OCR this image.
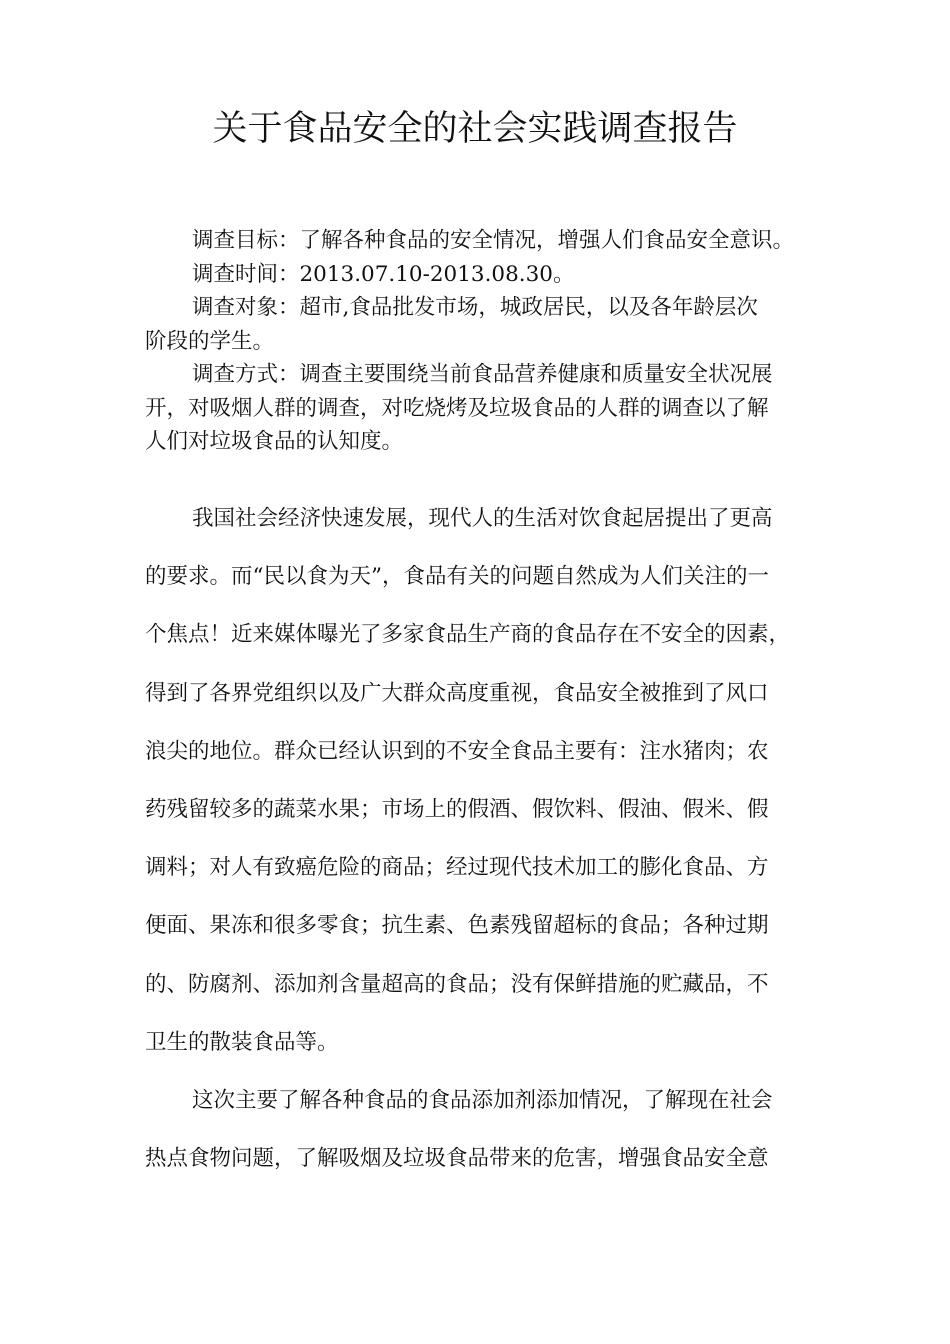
关于食品安全的社会实践调查报告
调查目标：了解各种食品的安全情况，增强人们食品安全意识。
调查时间：2013.07.10-2013.08.30。
调查对象：超市,食品批发市场，城政居民，以及各年龄层次
阶段的学生。
调查方式：调查主要围绕当前食品营养健康和质量安全状况展
开，对吸烟人群的调查，对吃烧烤及垃圾食品的人群的调查以了解
人们对垃圾食品的认知度。
我国社会经济快速发展，现代人的生活对饮食起居提出了更高
的要求。而“民以食为天”，食品有关的问题自然成为人们关注的一
个焦点！近来媒体曝光了多家食品生产商的食品存在不安全的因素，
得到了各界党组织以及广大群众高度重视，食品安全被推到了风口
浪尖的地位。群众已经认识到的不安全食品主要有：注水猪肉；农
药残留较多的蔬菜水果；市场上的假酒、假饮料、假油、假米、假
调料；对人有致癌危险的商品；经过现代技术加工的膨化食品、方
便面、果冻和很多零食；抗生素、色素残留超标的食品；各种过期
的、防腐剂、添加剂含量超高的食品；没有保鲜措施的贮藏品，不
卫生的散装食品等。
这次主要了解各种食品的食品添加剂添加情况，了解现在社会
热点食物问题，了解吸烟及垃圾食品带来的危害，增强食品安全意
